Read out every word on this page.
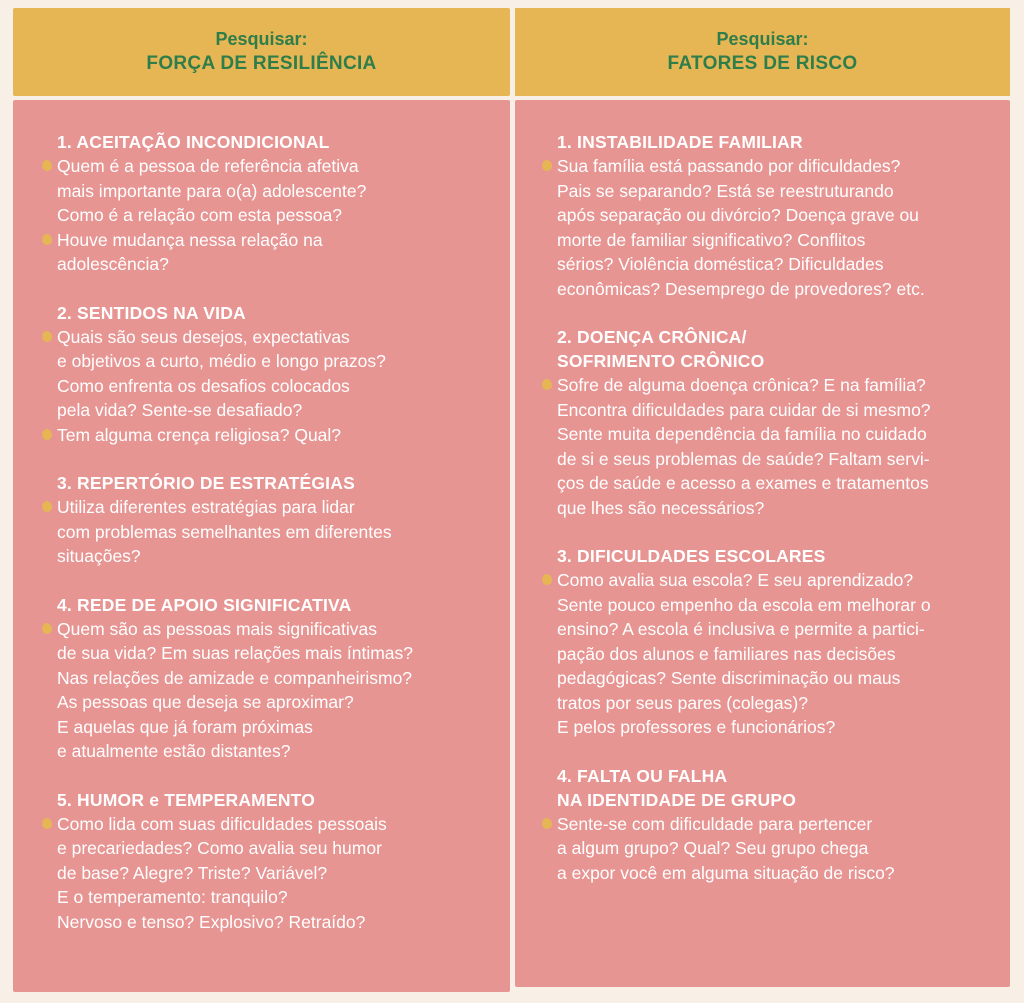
Pesquisar:
FORÇA DE RESILIÊNCIA
1. ACEITAÇÃO INCONDICIONAL
Quem é a pessoa de referência afetiva
mais importante para o(a) adolescente?
Como é a relação com esta pessoa?
Houve mudança nessa relação na
adolescência?
2. SENTIDOS NA VIDA
Quais são seus desejos, expectativas
e objetivos a curto, médio e longo prazos?
Como enfrenta os desafios colocados
pela vida? Sente-se desafiado?
Tem alguma crença religiosa? Qual?
3. REPERTÓRIO DE ESTRATÉGIAS
Utiliza diferentes estratégias para lidar
com problemas semelhantes em diferentes
situações?
4. REDE DE APOIO SIGNIFICATIVA
Quem são as pessoas mais significativas
de sua vida? Em suas relações mais íntimas?
Nas relações de amizade e companheirismo?
As pessoas que deseja se aproximar?
E aquelas que já foram próximas
e atualmente estão distantes?
5. HUMOR e TEMPERAMENTO
Como lida com suas dificuldades pessoais
e precariedades? Como avalia seu humor
de base? Alegre? Triste? Variável?
E o temperamento: tranquilo?
Nervoso e tenso? Explosivo? Retraído?
Pesquisar:
FATORES DE RISCO
1. INSTABILIDADE FAMILIAR
Sua família está passando por dificuldades?
Pais se separando? Está se reestruturando
após separação ou divórcio? Doença grave ou
morte de familiar significativo? Conflitos
sérios? Violência doméstica? Dificuldades
econômicas? Desemprego de provedores? etc.
2. DOENÇA CRÔNICA/
SOFRIMENTO CRÔNICO
Sofre de alguma doença crônica? E na família?
Encontra dificuldades para cuidar de si mesmo?
Sente muita dependência da família no cuidado
de si e seus problemas de saúde? Faltam servi-
ços de saúde e acesso a exames e tratamentos
que lhes são necessários?
3. DIFICULDADES ESCOLARES
Como avalia sua escola? E seu aprendizado?
Sente pouco empenho da escola em melhorar o
ensino? A escola é inclusiva e permite a partici-
pação dos alunos e familiares nas decisões
pedagógicas? Sente discriminação ou maus
tratos por seus pares (colegas)?
E pelos professores e funcionários?
4. FALTA OU FALHA
NA IDENTIDADE DE GRUPO
Sente-se com dificuldade para pertencer
a algum grupo? Qual? Seu grupo chega
a expor você em alguma situação de risco?
